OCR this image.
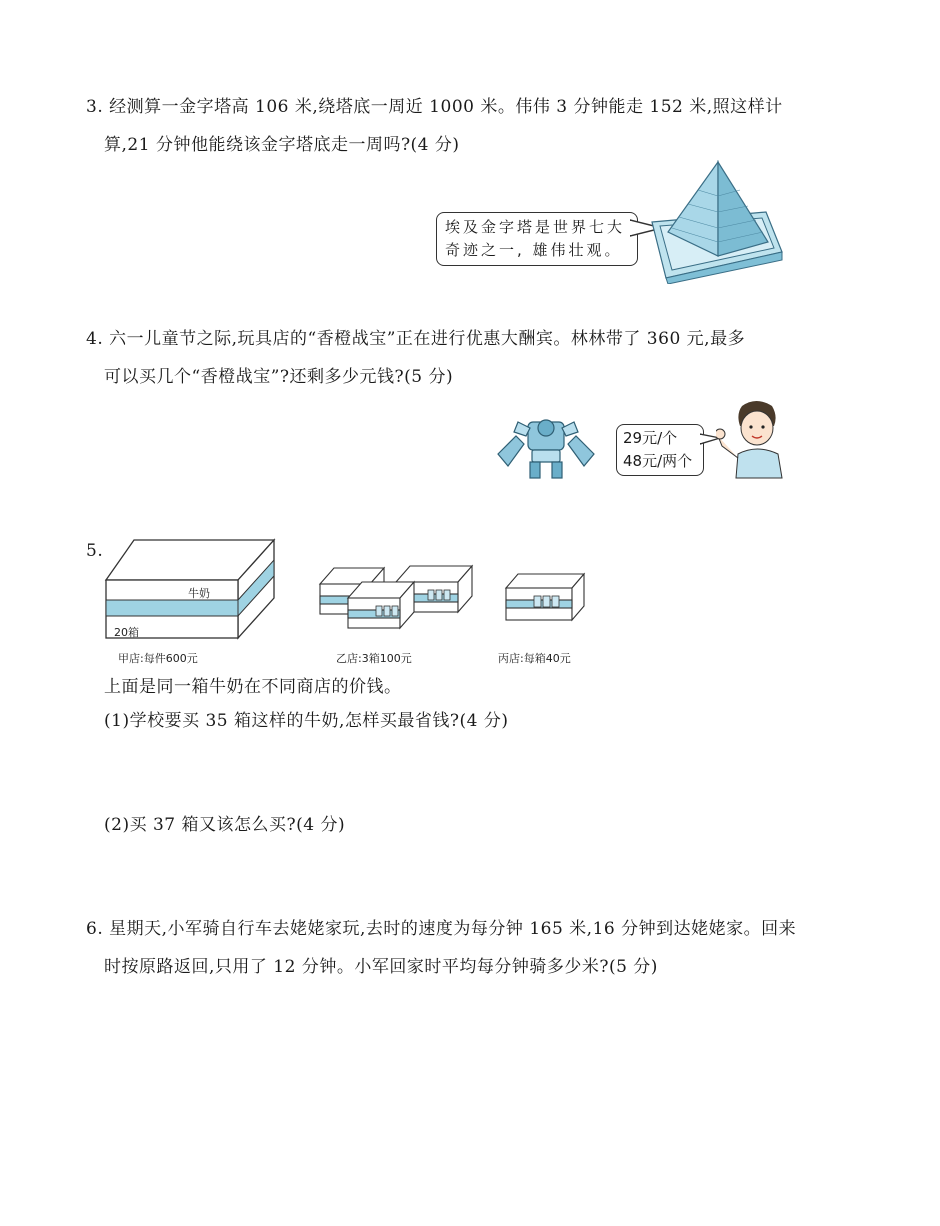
3. 经测算一金字塔高 106 米,绕塔底一周近 1000 米。伟伟 3 分钟能走 152 米,照这样计
算,21 分钟他能绕该金字塔底走一周吗?(4 分)
埃及金字塔是世界七大
奇迹之一, 雄伟壮观。
4. 六一儿童节之际,玩具店的“香橙战宝”正在进行优惠大酬宾。林林带了 360 元,最多
可以买几个“香橙战宝”?还剩多少元钱?(5 分)
29元/个
48元/两个
5.
牛奶
20箱
甲店:每件600元	乙店:3箱100元	丙店:每箱40元
上面是同一箱牛奶在不同商店的价钱。
(1)学校要买 35 箱这样的牛奶,怎样买最省钱?(4 分)
(2)买 37 箱又该怎么买?(4 分)
6. 星期天,小军骑自行车去姥姥家玩,去时的速度为每分钟 165 米,16 分钟到达姥姥家。回来
时按原路返回,只用了 12 分钟。小军回家时平均每分钟骑多少米?(5 分)
